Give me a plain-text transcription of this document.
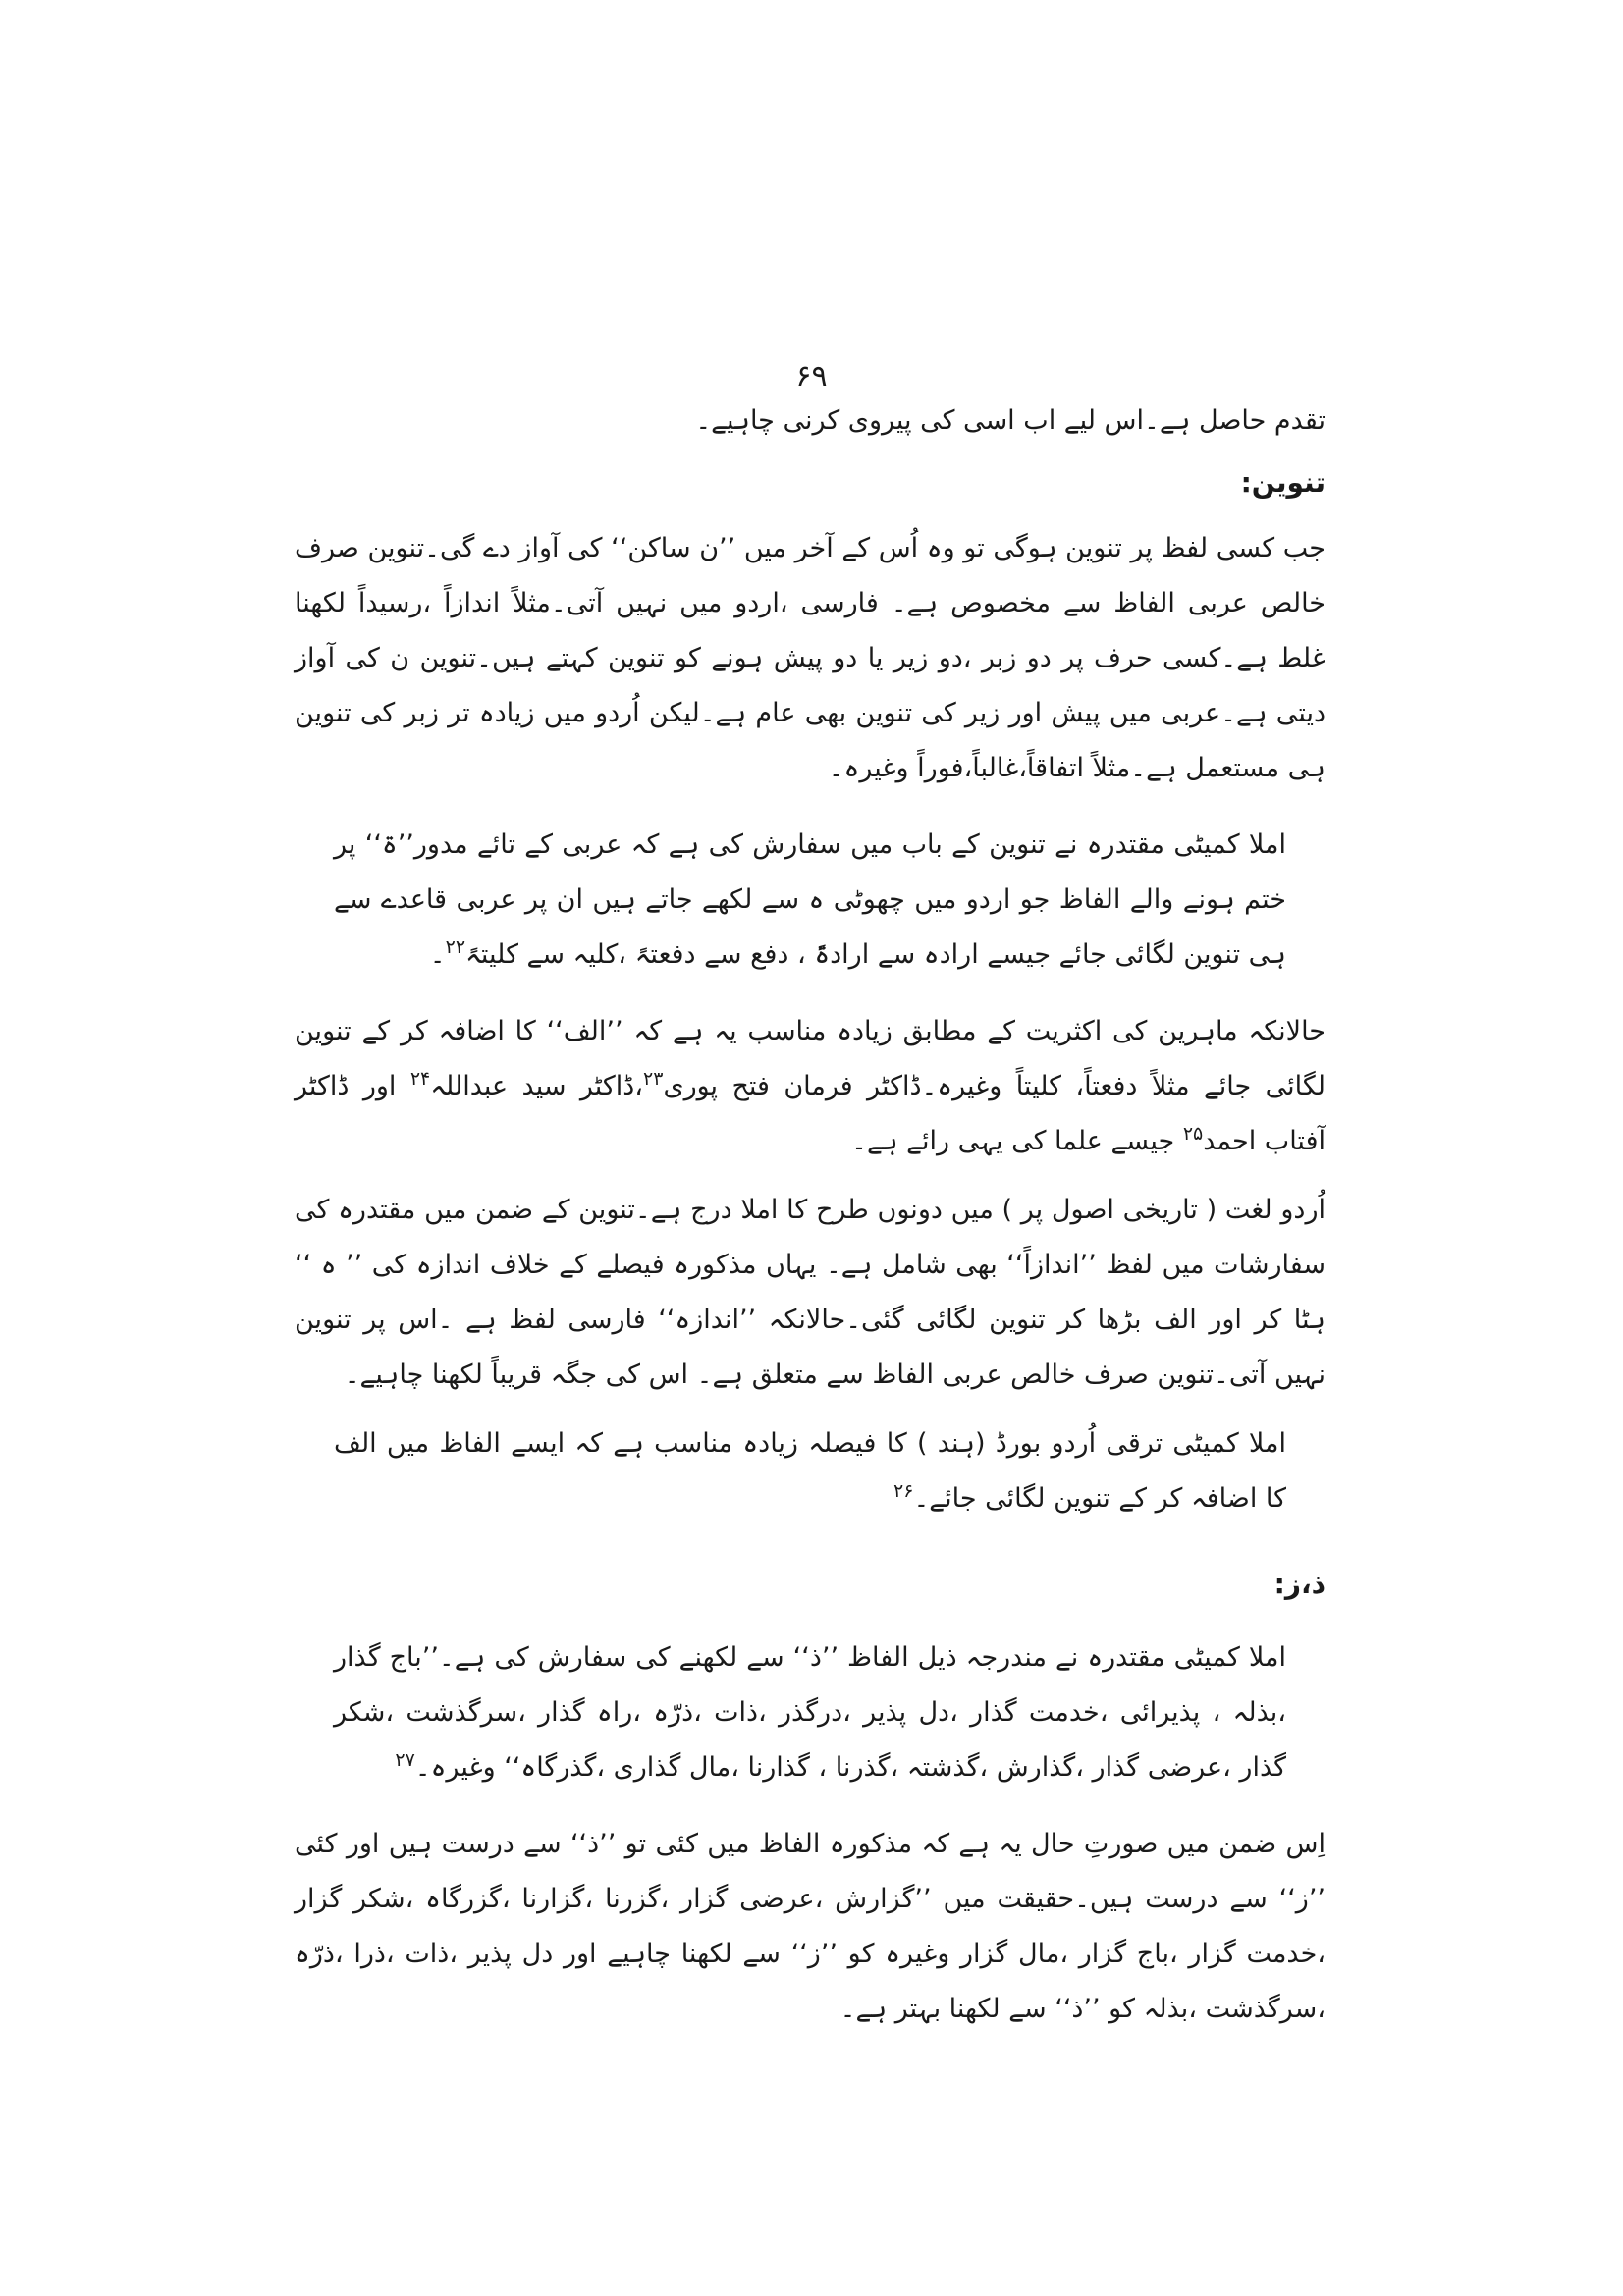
۶۹

تقدم حاصل ہے۔اس لیے اب اسی کی پیروی کرنی چاہیے۔

تنوین:

جب کسی لفظ پر تنوین ہوگی تو وہ اُس کے آخر میں ’’ن ساکن‘‘ کی آواز دے گی۔تنوین صرف خالص عربی الفاظ سے مخصوص ہے۔ فارسی ،اردو میں نہیں آتی۔مثلاً اندازاً ،رسیداً لکھنا غلط ہے۔کسی حرف پر دو زبر ،دو زیر یا دو پیش ہونے کو تنوین کہتے ہیں۔تنوین ن کی آواز دیتی ہے۔عربی میں پیش اور زیر کی تنوین بھی عام ہے۔لیکن اُردو میں زیادہ تر زبر کی تنوین ہی مستعمل ہے۔مثلاً اتفاقاً،غالباً،فوراً وغیرہ۔

املا کمیٹی مقتدرہ نے تنوین کے باب میں سفارش کی ہے کہ عربی کے تائے مدور’’ۃ‘‘ پر ختم ہونے والے الفاظ جو اردو میں چھوٹی ہ سے لکھے جاتے ہیں ان پر عربی قاعدے سے ہی تنوین لگائی جائے جیسے ارادہ سے ارادۃً ، دفع سے دفعتہً ،کلیہ سے کلیتہً$^{۲۲}$۔

حالانکہ ماہرین کی اکثریت کے مطابق زیادہ مناسب یہ ہے کہ ’’الف‘‘ کا اضافہ کر کے تنوین لگائی جائے مثلاً دفعتاً، کلیتاً وغیرہ۔ڈاکٹر فرمان فتح پوری$^{۲۳}$،ڈاکٹر سید عبداللہ$^{۲۴}$ اور ڈاکٹر آفتاب احمد$^{۲۵}$ جیسے علما کی یہی رائے ہے۔

اُردو لغت ( تاریخی اصول پر ) میں دونوں طرح کا املا درج ہے۔تنوین کے ضمن میں مقتدرہ کی سفارشات میں لفظ ’’اندازاً‘‘ بھی شامل ہے۔ یہاں مذکورہ فیصلے کے خلاف اندازہ کی ’’ ہ ‘‘ ہٹا کر اور الف بڑھا کر تنوین لگائی گئی۔حالانکہ ’’اندازہ‘‘ فارسی لفظ ہے ۔اس پر تنوین نہیں آتی۔تنوین صرف خالص عربی الفاظ سے متعلق ہے۔ اس کی جگہ قریباً لکھنا چاہیے۔

املا کمیٹی ترقی اُردو بورڈ (ہند ) کا فیصلہ زیادہ مناسب ہے کہ ایسے الفاظ میں الف کا اضافہ کر کے تنوین لگائی جائے۔$^{۲۶}$

ذ،ز:

املا کمیٹی مقتدرہ نے مندرجہ ذیل الفاظ ’’ذ‘‘ سے لکھنے کی سفارش کی ہے۔’’باج گذار ،بذلہ ، پذیرائی ،خدمت گذار ،دل پذیر ،درگذر ،ذات ،ذرّہ ،راہ گذار ،سرگذشت ،شکر گذار ،عرضی گذار ،گذارش ،گذشتہ ،گذرنا ، گذارنا ،مال گذاری ،گذرگاہ‘‘ وغیرہ۔$^{۲۷}$

اِس ضمن میں صورتِ حال یہ ہے کہ مذکورہ الفاظ میں کئی تو ’’ذ‘‘ سے درست ہیں اور کئی ’’ز‘‘ سے درست ہیں۔حقیقت میں ’’گزارش ،عرضی گزار ،گزرنا ،گزارنا ،گزرگاہ ،شکر گزار ،خدمت گزار ،باج گزار ،مال گزار وغیرہ کو ’’ز‘‘ سے لکھنا چاہیے اور دل پذیر ،ذات ،ذرا ،ذرّہ ،سرگذشت ،بذلہ کو ’’ذ‘‘ سے لکھنا بہتر ہے۔
